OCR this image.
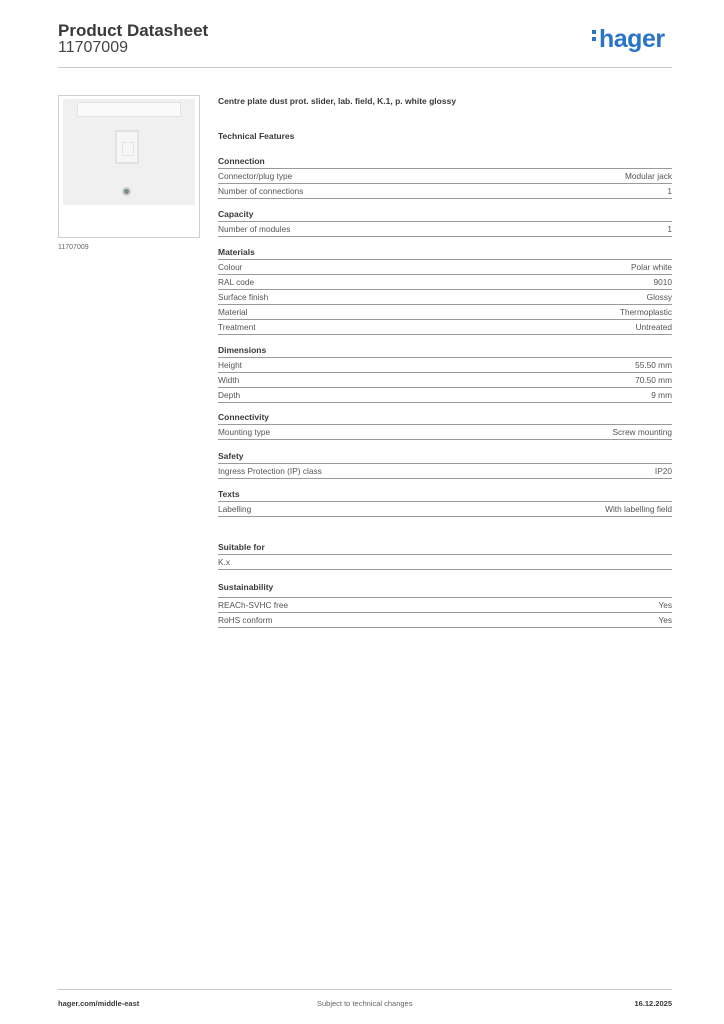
Product Datasheet
11707009	hager
11707009
Centre plate dust prot. slider, lab. field, K.1, p. white glossy
Technical Features
Connection
Connector/plug type	Modular jack
Number of connections	1
Capacity
Number of modules	1
Materials
Colour	Polar white
RAL code	9010
Surface finish	Glossy
Material	Thermoplastic
Treatment	Untreated
Dimensions
Height	55.50 mm
Width	70.50 mm
Depth	9 mm
Connectivity
Mounting type	Screw mounting
Safety
Ingress Protection (IP) class	IP20
Texts
Labelling	With labelling field
Suitable for
K.x
Sustainability
REACh-SVHC free	Yes
RoHS conform	Yes
hager.com/middle-east	Subject to technical changes	16.12.2025
